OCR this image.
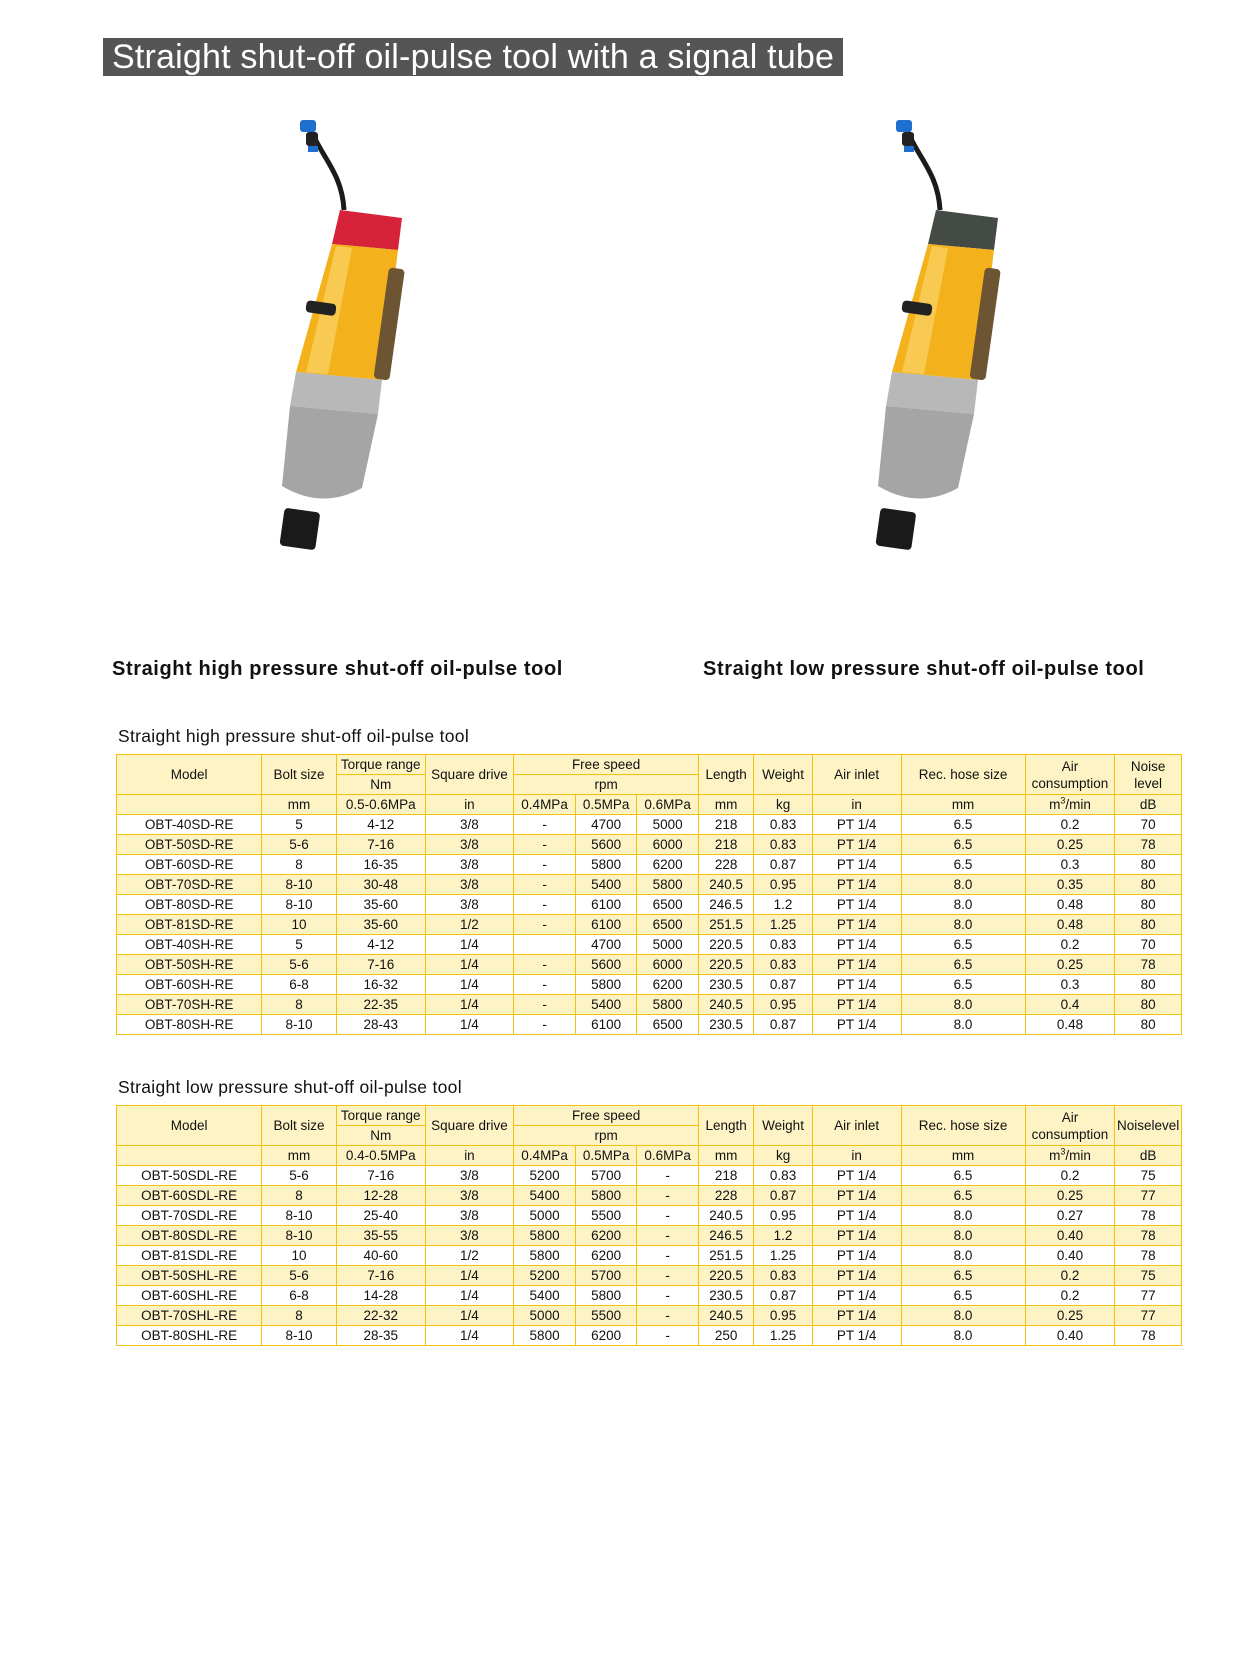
Straight shut-off oil-pulse tool with a signal tube
Straight high pressure shut-off oil-pulse tool	Straight low pressure shut-off oil-pulse tool
Straight high pressure shut-off oil-pulse tool
Model	Bolt size	Torque range	Square drive	Free speed			Length	Weight	Air inlet	Rec. hose size	Air
consumption	Noise
level
		Nm		rpm								
	mm	0.5-0.6MPa	in	0.4MPa	0.5MPa	0.6MPa	mm	kg	in	mm	$m^3/\min$	dB
OBT-40SD-RE	5	4-12	3/8	-	4700	5000	218	0.83	PT 1/4	6.5	0.2	70
OBT-50SD-RE	5-6	7-16	3/8	-	5600	6000	218	0.83	PT 1/4	6.5	0.25	78
OBT-60SD-RE	8	16-35	3/8	-	5800	6200	228	0.87	PT 1/4	6.5	0.3	80
OBT-70SD-RE	8-10	30-48	3/8	-	5400	5800	240.5	0.95	PT 1/4	8.0	0.35	80
OBT-80SD-RE	8-10	35-60	3/8	-	6100	6500	246.5	1.2	PT 1/4	8.0	0.48	80
OBT-81SD-RE	10	35-60	1/2	-	6100	6500	251.5	1.25	PT 1/4	8.0	0.48	80
OBT-40SH-RE	5	4-12	1/4		4700	5000	220.5	0.83	PT 1/4	6.5	0.2	70
OBT-50SH-RE	5-6	7-16	1/4	-	5600	6000	220.5	0.83	PT 1/4	6.5	0.25	78
OBT-60SH-RE	6-8	16-32	1/4	-	5800	6200	230.5	0.87	PT 1/4	6.5	0.3	80
OBT-70SH-RE	8	22-35	1/4	-	5400	5800	240.5	0.95	PT 1/4	8.0	0.4	80
OBT-80SH-RE	8-10	28-43	1/4	-	6100	6500	230.5	0.87	PT 1/4	8.0	0.48	80
Straight low pressure shut-off oil-pulse tool
Model	Bolt size	Torque range	Square drive	Free speed			Length	Weight	Air inlet	Rec. hose size	Air
consumption	Noiselevel
		Nm		rpm								
	mm	0.4-0.5MPa	in	0.4MPa	0.5MPa	0.6MPa	mm	kg	in	mm	$m^3/\min$	dB
OBT-50SDL-RE	5-6	7-16	3/8	5200	5700	-	218	0.83	PT 1/4	6.5	0.2	75
OBT-60SDL-RE	8	12-28	3/8	5400	5800	-	228	0.87	PT 1/4	6.5	0.25	77
OBT-70SDL-RE	8-10	25-40	3/8	5000	5500	-	240.5	0.95	PT 1/4	8.0	0.27	78
OBT-80SDL-RE	8-10	35-55	3/8	5800	6200	-	246.5	1.2	PT 1/4	8.0	0.40	78
OBT-81SDL-RE	10	40-60	1/2	5800	6200	-	251.5	1.25	PT 1/4	8.0	0.40	78
OBT-50SHL-RE	5-6	7-16	1/4	5200	5700	-	220.5	0.83	PT 1/4	6.5	0.2	75
OBT-60SHL-RE	6-8	14-28	1/4	5400	5800	-	230.5	0.87	PT 1/4	6.5	0.2	77
OBT-70SHL-RE	8	22-32	1/4	5000	5500	-	240.5	0.95	PT 1/4	8.0	0.25	77
OBT-80SHL-RE	8-10	28-35	1/4	5800	6200	-	250	1.25	PT 1/4	8.0	0.40	78
